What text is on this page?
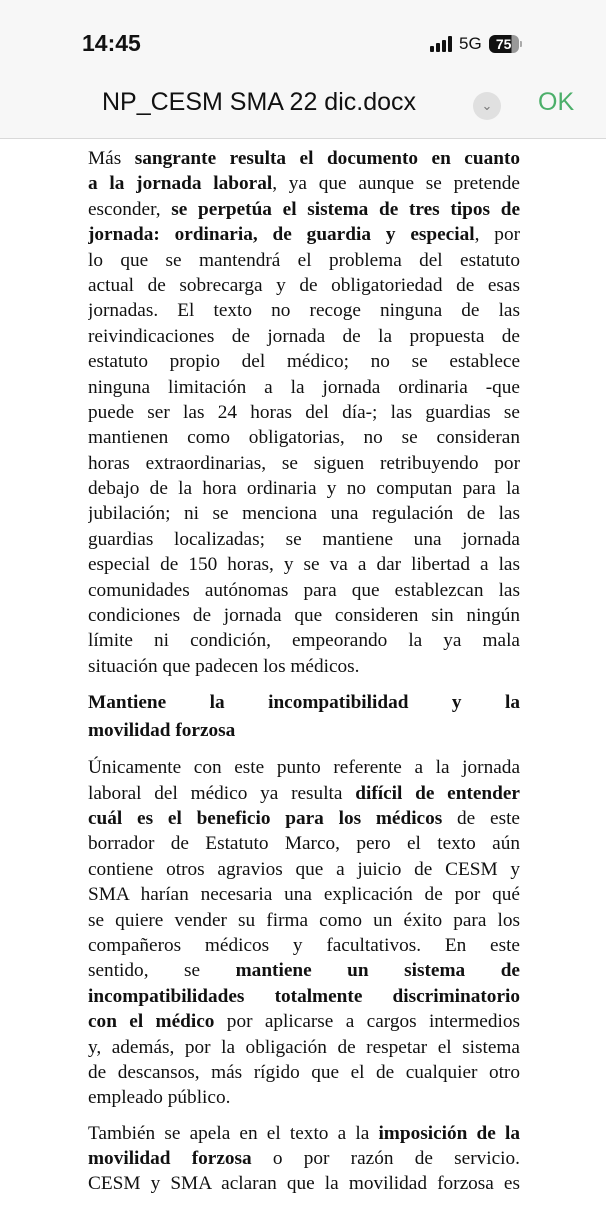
14:45	5G	75
NP_CESM SMA 22 dic.docx	⌄	OK
Más sangrante resulta el documento en cuanto
a la jornada laboral, ya que aunque se pretende
esconder, se perpetúa el sistema de tres tipos de
jornada: ordinaria, de guardia y especial, por
lo que se mantendrá el problema del estatuto
actual de sobrecarga y de obligatoriedad de esas
jornadas. El texto no recoge ninguna de las
reivindicaciones de jornada de la propuesta de
estatuto propio del médico; no se establece
ninguna limitación a la jornada ordinaria -que
puede ser las 24 horas del día-; las guardias se
mantienen como obligatorias, no se consideran
horas extraordinarias, se siguen retribuyendo por
debajo de la hora ordinaria y no computan para la
jubilación; ni se menciona una regulación de las
guardias localizadas; se mantiene una jornada
especial de 150 horas, y se va a dar libertad a las
comunidades autónomas para que establezcan las
condiciones de jornada que consideren sin ningún
límite ni condición, empeorando la ya mala
situación que padecen los médicos.
Mantiene la incompatibilidad y la
movilidad forzosa
Únicamente con este punto referente a la jornada
laboral del médico ya resulta difícil de entender
cuál es el beneficio para los médicos de este
borrador de Estatuto Marco, pero el texto aún
contiene otros agravios que a juicio de CESM y
SMA harían necesaria una explicación de por qué
se quiere vender su firma como un éxito para los
compañeros médicos y facultativos. En este
sentido, se mantiene un sistema de
incompatibilidades totalmente discriminatorio
con el médico por aplicarse a cargos intermedios
y, además, por la obligación de respetar el sistema
de descansos, más rígido que el de cualquier otro
empleado público.
También se apela en el texto a la imposición de la
movilidad forzosa o por razón de servicio.
CESM y SMA aclaran que la movilidad forzosa es
